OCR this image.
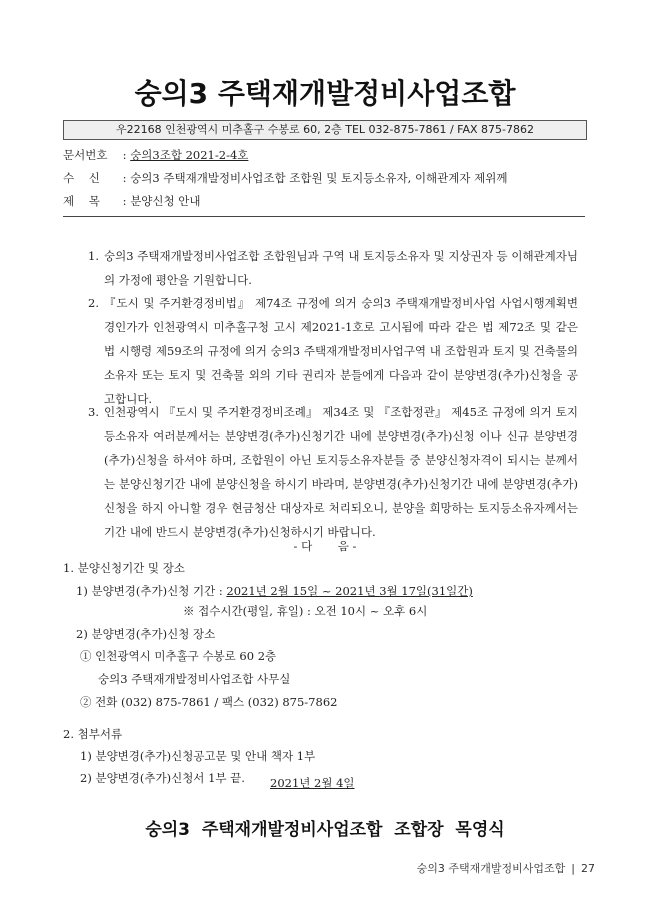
숭의3 주택재개발정비사업조합
우22168 인천광역시 미추홀구 수봉로 60, 2층 TEL 032-875-7861 / FAX 875-7862
문서번호 : 숭의3조합 2021-2-4호
수    신 : 숭의3 주택재개발정비사업조합 조합원 및 토지등소유자, 이해관계자 제위께
제    목 : 분양신청 안내
1. 숭의3 주택재개발정비사업조합 조합원님과 구역 내 토지등소유자 및 지상권자 등 이해관계자님의 가정에 평안을 기원합니다.
2. 『도시 및 주거환경정비법』 제74조 규정에 의거 숭의3 주택재개발정비사업 사업시행계획변경인가가 인천광역시 미추홀구청 고시 제2021-1호로 고시됨에 따라 같은 법 제72조 및 같은 법 시행령 제59조의 규정에 의거 숭의3 주택재개발정비사업구역 내 조합원과 토지 및 건축물의 소유자 또는 토지 및 건축물 외의 기타 권리자 분들에게 다음과 같이 분양변경(추가)신청을 공고합니다.
3. 인천광역시 『도시 및 주거환경정비조례』 제34조 및 『조합정관』 제45조 규정에 의거 토지등소유자 여러분께서는 분양변경(추가)신청기간 내에 분양변경(추가)신청 이나 신규 분양변경(추가)신청을 하셔야 하며, 조합원이 아닌 토지등소유자분들 중 분양신청자격이 되시는 분께서는 분양신청기간 내에 분양신청을 하시기 바라며, 분양변경(추가)신청기간 내에 분양변경(추가)신청을 하지 아니할 경우 현금청산 대상자로 처리되오니, 분양을 희망하는 토지등소유자께서는 기간 내에 반드시 분양변경(추가)신청하시기 바랍니다.
- 다       음 -
1. 분양신청기간 및 장소
1) 분양변경(추가)신청 기간 : 2021년 2월 15일 ~ 2021년 3월 17일(31일간)
※ 접수시간(평일, 휴일) : 오전 10시 ~ 오후 6시
2) 분양변경(추가)신청 장소
① 인천광역시 미추홀구 수봉로 60 2층
숭의3 주택재개발정비사업조합 사무실
② 전화 (032) 875-7861 / 팩스 (032) 875-7862
2. 첨부서류
1) 분양변경(추가)신청공고문 및 안내 책자 1부
2) 분양변경(추가)신청서 1부 끝. 2021년 2월 4일
숭의3  주택재개발정비사업조합  조합장  목영식
숭의3 주택재개발정비사업조합 | 27
